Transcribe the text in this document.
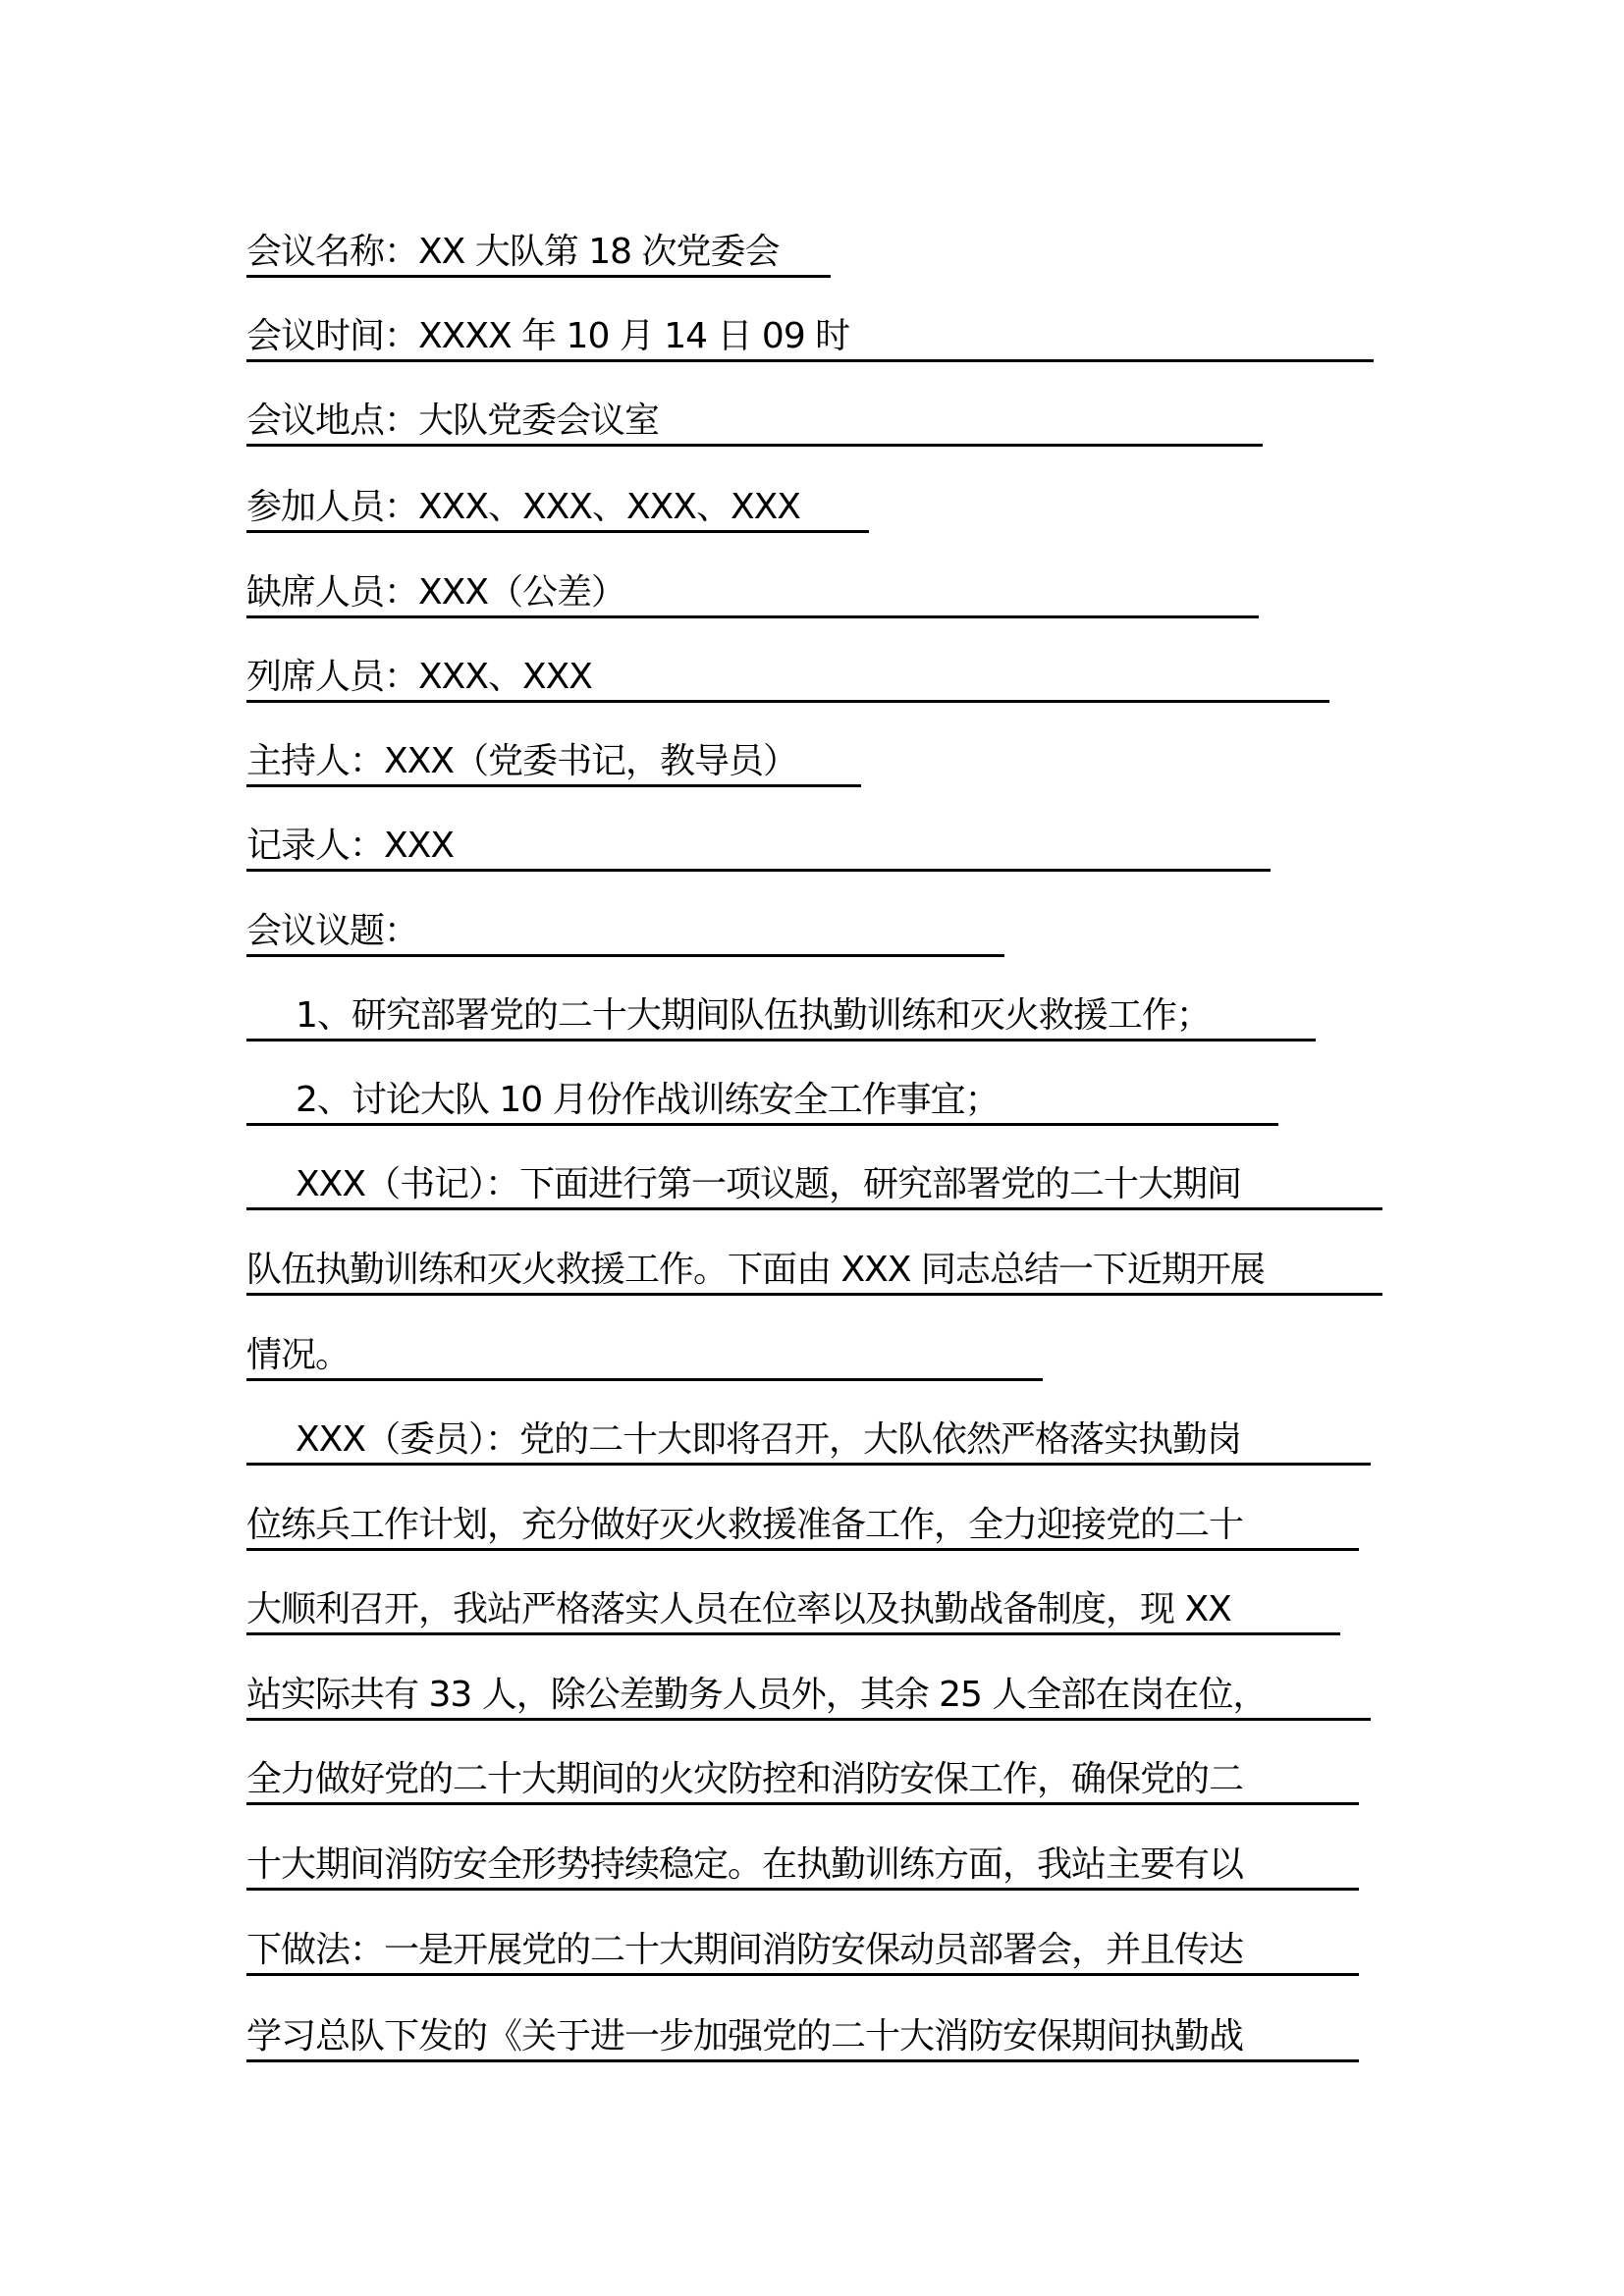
会议名称：XX 大队第 18 次党委会
会议时间：XXXX 年 10 月 14 日 09 时
会议地点：大队党委会议室
参加人员：XXX、XXX、XXX、XXX
缺席人员：XXX（公差）
列席人员：XXX、XXX
主持人：XXX（党委书记，教导员）
记录人：XXX
会议议题：
1、研究部署党的二十大期间队伍执勤训练和灭火救援工作；
2、讨论大队 10 月份作战训练安全工作事宜；
XXX（书记）：下面进行第一项议题，研究部署党的二十大期间
队伍执勤训练和灭火救援工作。下面由 XXX 同志总结一下近期开展
情况。
XXX（委员）：党的二十大即将召开，大队依然严格落实执勤岗
位练兵工作计划，充分做好灭火救援准备工作，全力迎接党的二十
大顺利召开，我站严格落实人员在位率以及执勤战备制度，现 XX
站实际共有 33 人，除公差勤务人员外，其余 25 人全部在岗在位，
全力做好党的二十大期间的火灾防控和消防安保工作，确保党的二
十大期间消防安全形势持续稳定。在执勤训练方面，我站主要有以
下做法：一是开展党的二十大期间消防安保动员部署会，并且传达
学习总队下发的《关于进一步加强党的二十大消防安保期间执勤战
